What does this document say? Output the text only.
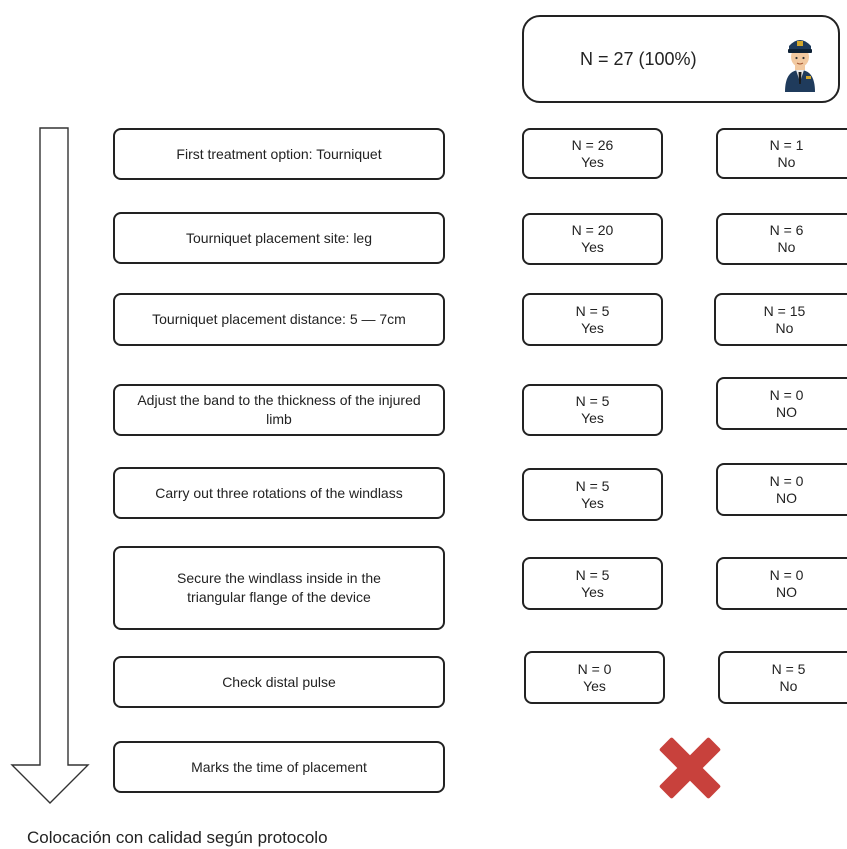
N = 27 (100%)
First treatment option: Tourniquet
N = 26
Yes
N = 1
No
Tourniquet placement site: leg	N = 20
Yes
N = 6
No
Tourniquet placement distance: 5 — 7cm
N = 5
Yes
N = 15
No
Adjust the band to the thickness of the injured limb
N = 5
Yes
N = 0
NO
Carry out three rotations of the windlass	N = 5
Yes
N = 0
NO
Secure the windlass inside in the triangular flange of the device
N = 5
Yes
N = 0
NO
Check distal pulse
N = 0
Yes
N = 5
No
Marks the time of placement
Colocación con calidad según protocolo
